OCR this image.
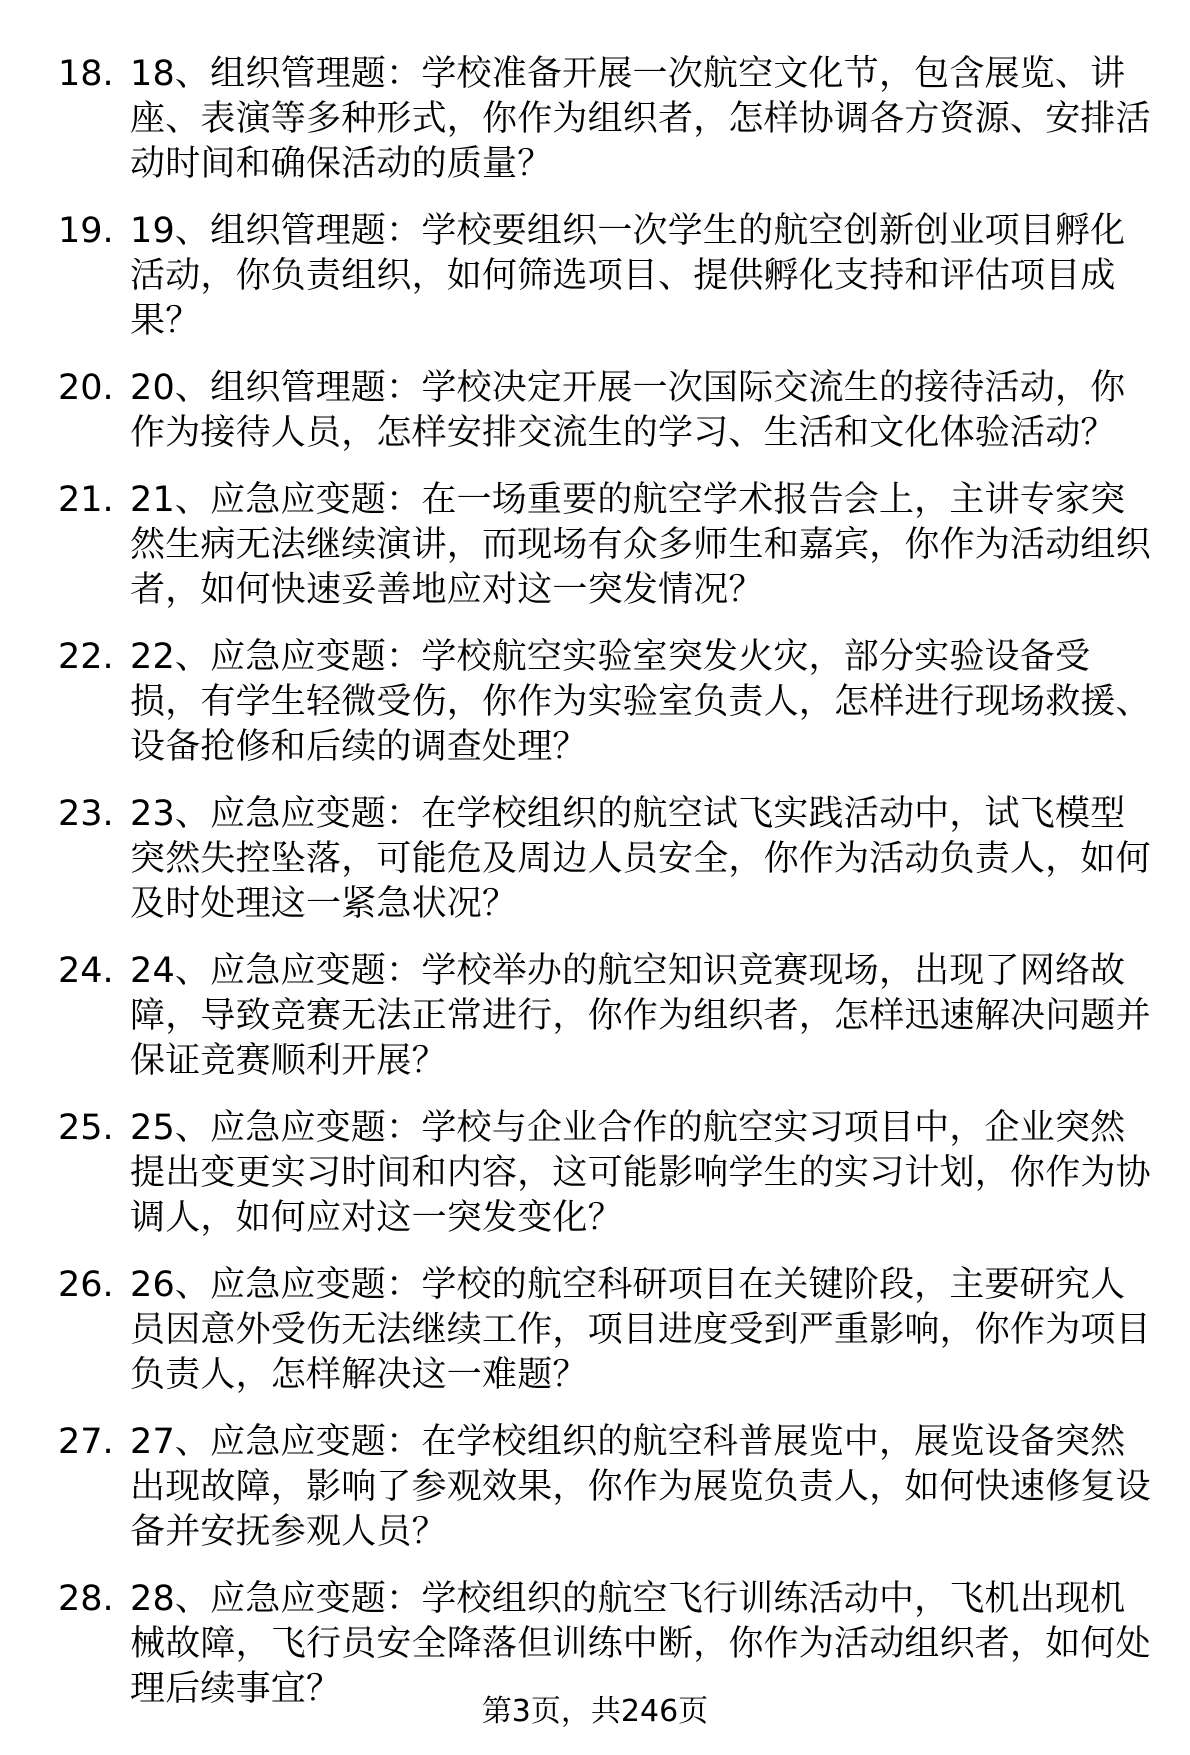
18. 18、组织管理题：学校准备开展一次航空文化节，包含展览、讲座、表演等多种形式，你作为组织者，怎样协调各方资源、安排活动时间和确保活动的质量？
19. 19、组织管理题：学校要组织一次学生的航空创新创业项目孵化活动，你负责组织，如何筛选项目、提供孵化支持和评估项目成果？
20. 20、组织管理题：学校决定开展一次国际交流生的接待活动，你作为接待人员，怎样安排交流生的学习、生活和文化体验活动？
21. 21、应急应变题：在一场重要的航空学术报告会上，主讲专家突然生病无法继续演讲，而现场有众多师生和嘉宾，你作为活动组织者，如何快速妥善地应对这一突发情况？
22. 22、应急应变题：学校航空实验室突发火灾，部分实验设备受损，有学生轻微受伤，你作为实验室负责人，怎样进行现场救援、设备抢修和后续的调查处理？
23. 23、应急应变题：在学校组织的航空试飞实践活动中，试飞模型突然失控坠落，可能危及周边人员安全，你作为活动负责人，如何及时处理这一紧急状况？
24. 24、应急应变题：学校举办的航空知识竞赛现场，出现了网络故障，导致竞赛无法正常进行，你作为组织者，怎样迅速解决问题并保证竞赛顺利开展？
25. 25、应急应变题：学校与企业合作的航空实习项目中，企业突然提出变更实习时间和内容，这可能影响学生的实习计划，你作为协调人，如何应对这一突发变化？
26. 26、应急应变题：学校的航空科研项目在关键阶段，主要研究人员因意外受伤无法继续工作，项目进度受到严重影响，你作为项目负责人，怎样解决这一难题？
27. 27、应急应变题：在学校组织的航空科普展览中，展览设备突然出现故障，影响了参观效果，你作为展览负责人，如何快速修复设备并安抚参观人员？
28. 28、应急应变题：学校组织的航空飞行训练活动中，飞机出现机械故障，飞行员安全降落但训练中断，你作为活动组织者，如何处理后续事宜？
第3页，共246页
